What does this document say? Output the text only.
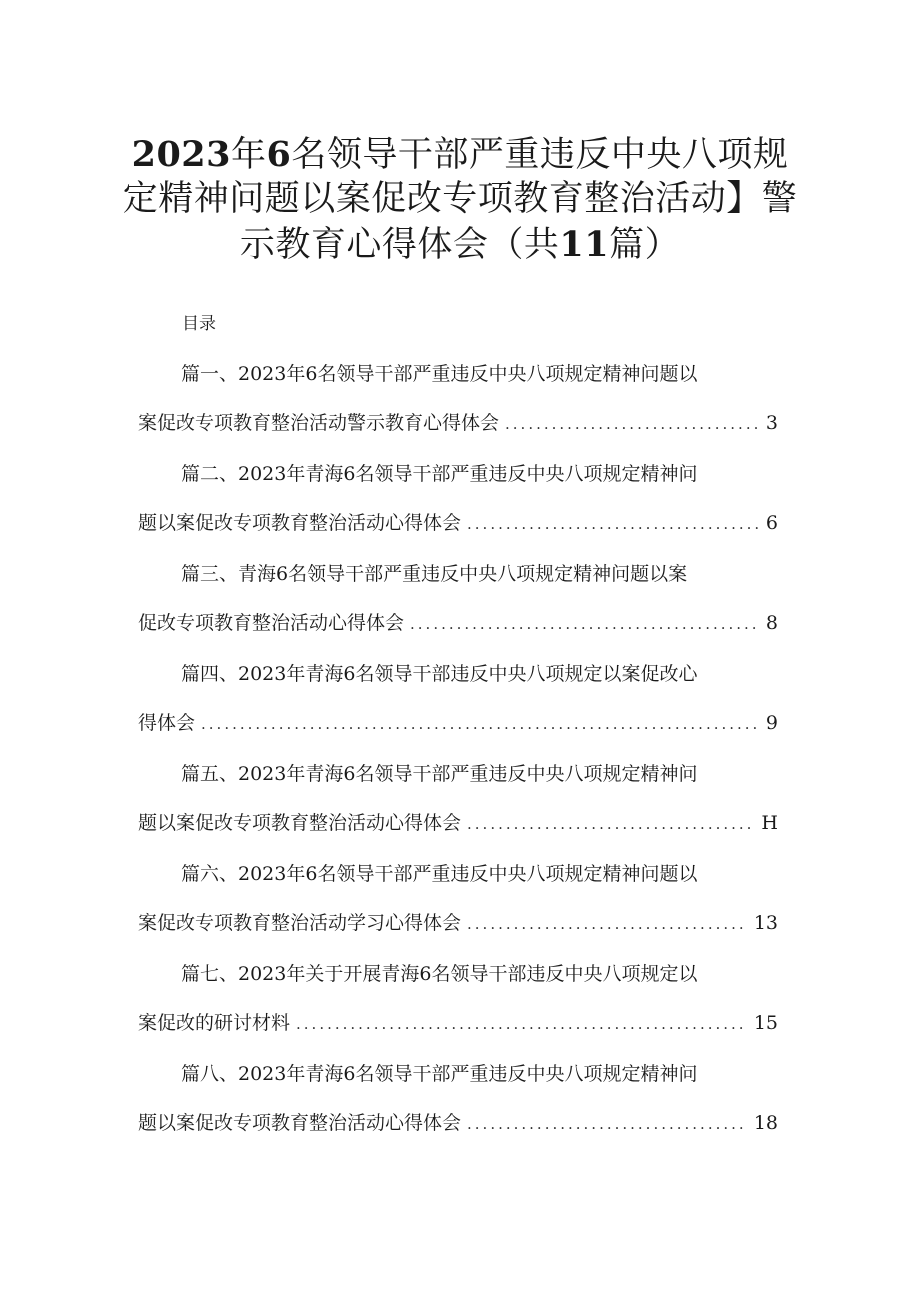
2023年6名领导干部严重违反中央八项规
定精神问题以案促改专项教育整治活动】警
示教育心得体会（共11篇）
目录
篇一、2023年6名领导干部严重违反中央八项规定精神问题以
案促改专项教育整治活动警示教育心得体会 .....	3
篇二、2023年青海6名领导干部严重违反中央八项规定精神问
题以案促改专项教育整治活动心得体会 .....	6
篇三、青海6名领导干部严重违反中央八项规定精神问题以案
促改专项教育整治活动心得体会 .....	8
篇四、2023年青海6名领导干部违反中央八项规定以案促改心
得体会 .....	9
篇五、2023年青海6名领导干部严重违反中央八项规定精神问
题以案促改专项教育整治活动心得体会 .....	H
篇六、2023年6名领导干部严重违反中央八项规定精神问题以
案促改专项教育整治活动学习心得体会 .....	13
篇七、2023年关于开展青海6名领导干部违反中央八项规定以
案促改的研讨材料 .....	15
篇八、2023年青海6名领导干部严重违反中央八项规定精神问
题以案促改专项教育整治活动心得体会 .....	18
